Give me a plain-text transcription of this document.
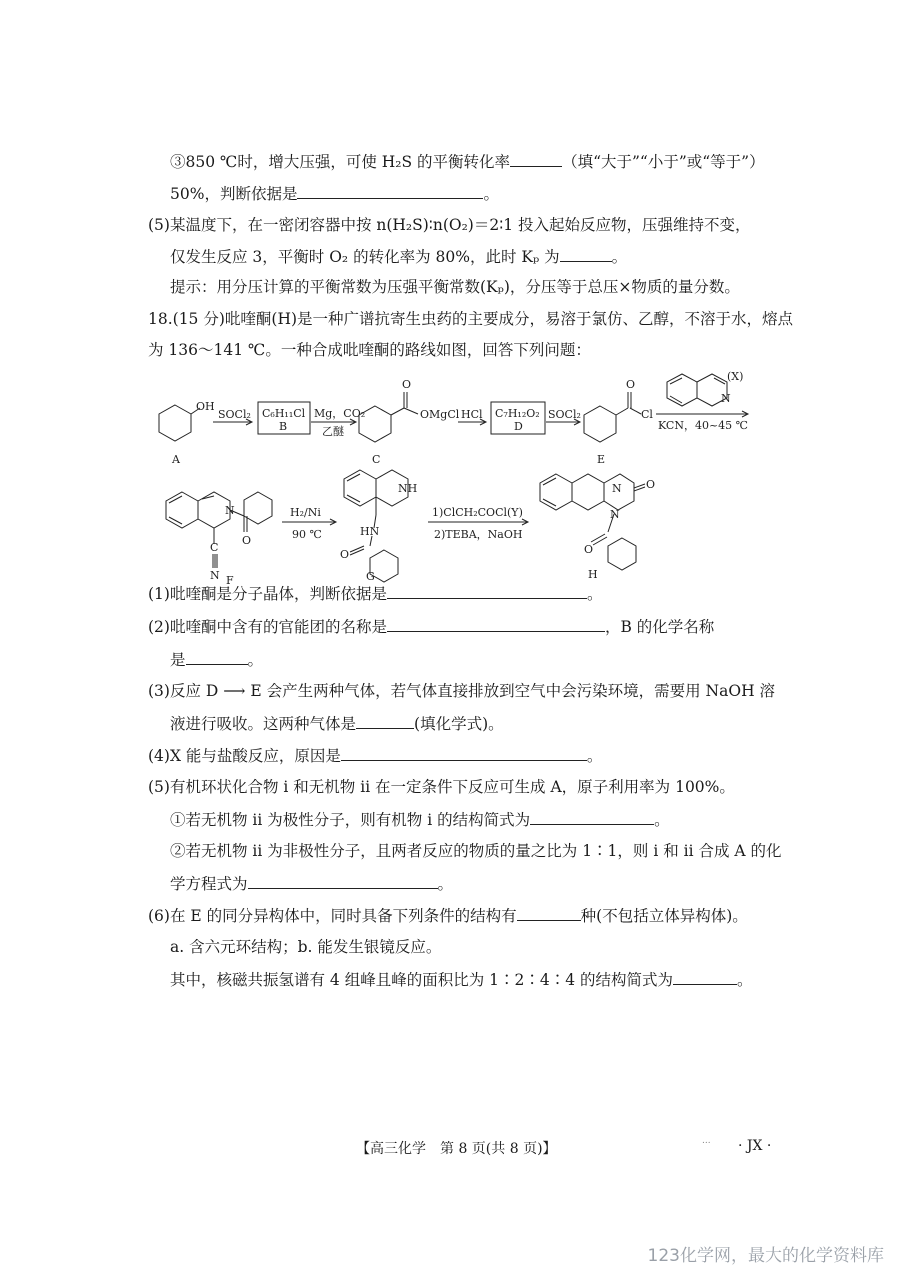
③850 ℃时，增大压强，可使 H₂S 的平衡转化率	（填“大于”“小于”或“等于”）
50%，判断依据是	。
(5)某温度下，在一密闭容器中按 n(H₂S)∶n(O₂)＝2∶1 投入起始反应物，压强维持不变，
仅发生反应 3，平衡时 O₂ 的转化率为 80%，此时 Kₚ 为	。
提示：用分压计算的平衡常数为压强平衡常数(Kₚ)，分压等于总压×物质的量分数。
18.(15 分)吡喹酮(H)是一种广谱抗寄生虫药的主要成分，易溶于氯仿、乙醇，不溶于水，熔点
为 136～141 ℃。一种合成吡喹酮的路线如图，回答下列问题：
OH
A
SOCl₂ C₆H₁₁Cl
B
Mg，CO₂
乙醚
O
OMgCl
C
HCl C₇H₁₂O₂
D
SOCl₂
O
Cl
E
(X)
N
KCN，40~45 ℃
N
C
N
O
F
H₂/Ni
90 ℃
NH
HN
O
G
1)ClCH₂COCl(Y)
2)TEBA，NaOH
O
N
N
O
H
(1)吡喹酮是分子晶体，判断依据是	。
(2)吡喹酮中含有的官能团的名称是	，B 的化学名称
是	。
(3)反应 D ⟶ E 会产生两种气体，若气体直接排放到空气中会污染环境，需要用 NaOH 溶
液进行吸收。这两种气体是	(填化学式)。
(4)X 能与盐酸反应，原因是	。
(5)有机环状化合物 ⅰ 和无机物 ⅱ 在一定条件下反应可生成 A，原子利用率为 100%。
①若无机物 ⅱ 为极性分子，则有机物 ⅰ 的结构简式为	。
②若无机物 ⅱ 为非极性分子，且两者反应的物质的量之比为 1∶1，则 ⅰ 和 ⅱ 合成 A 的化
学方程式为	。
(6)在 E 的同分异构体中，同时具备下列条件的结构有	种(不包括立体异构体)。
a. 含六元环结构；b. 能发生银镜反应。
其中，核磁共振氢谱有 4 组峰且峰的面积比为 1∶2∶4∶4 的结构简式为	。
【高三化学　第 8 页(共 8 页)】	... · JX ·
123化学网，最大的化学资料库
